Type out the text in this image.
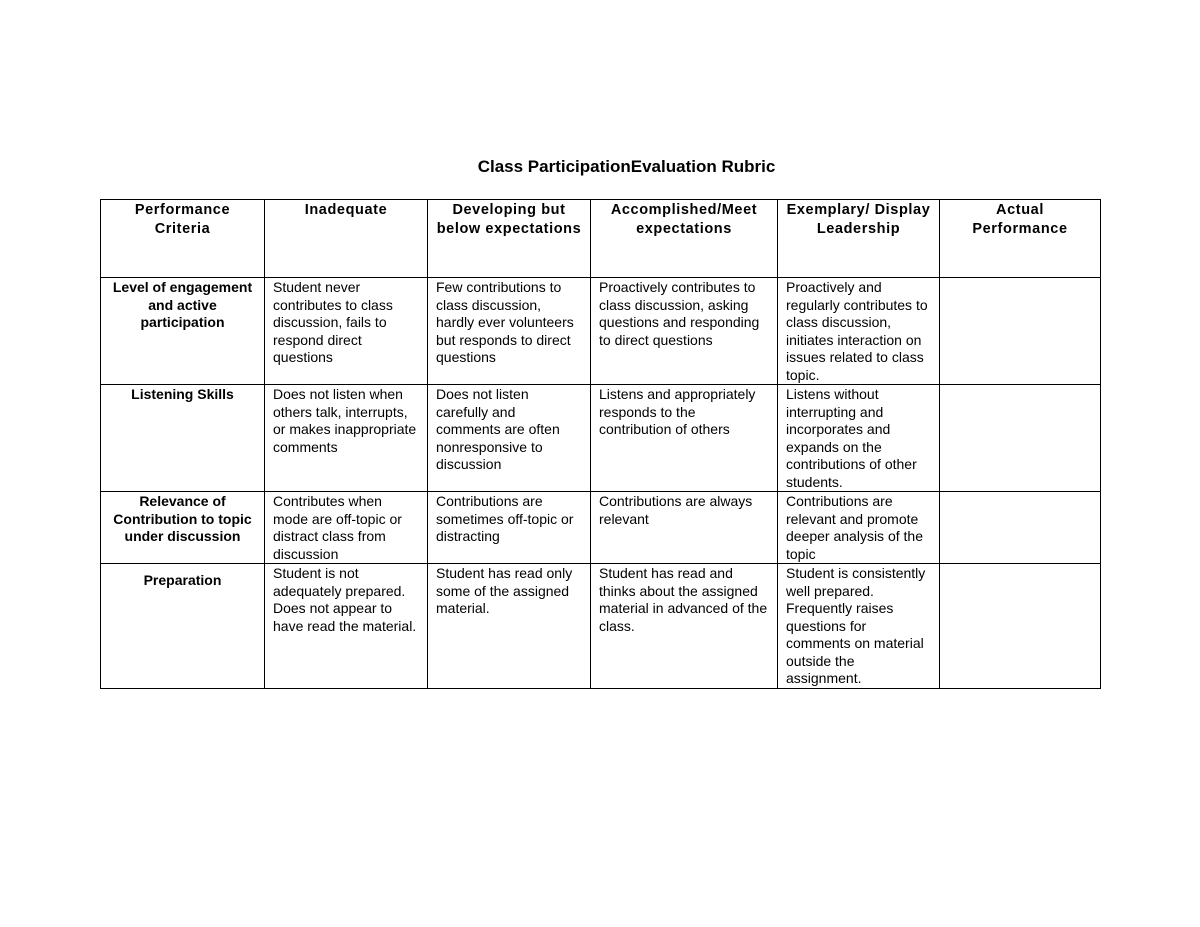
Class ParticipationEvaluation Rubric
Performance Criteria	Inadequate	Developing but below expectations	Accomplished/Meet expectations	Exemplary/ Display Leadership	Actual Performance
Level of engagement and active participation	Student never contributes to class discussion, fails to respond direct questions	Few contributions to class discussion, hardly ever volunteers but responds to direct questions	Proactively contributes to class discussion, asking questions and responding to direct questions	Proactively and regularly contributes to class discussion, initiates interaction on issues related to class topic.	
Listening Skills	Does not listen when others talk, interrupts, or makes inappropriate comments	Does not listen carefully and comments are often nonresponsive to discussion	Listens and appropriately responds to the contribution of others	Listens without interrupting and incorporates and expands on the contributions of other students.	
Relevance of Contribution to topic under discussion	Contributes when mode are off-topic or distract class from discussion	Contributions are sometimes off-topic or distracting	Contributions are always relevant	Contributions are relevant and promote deeper analysis of the topic	
Preparation	Student is not adequately prepared. Does not appear to have read the material.	Student has read only some of the assigned material.	Student has read and thinks about the assigned material in advanced of the class.	Student is consistently well prepared. Frequently raises questions for comments on material outside the assignment.	
